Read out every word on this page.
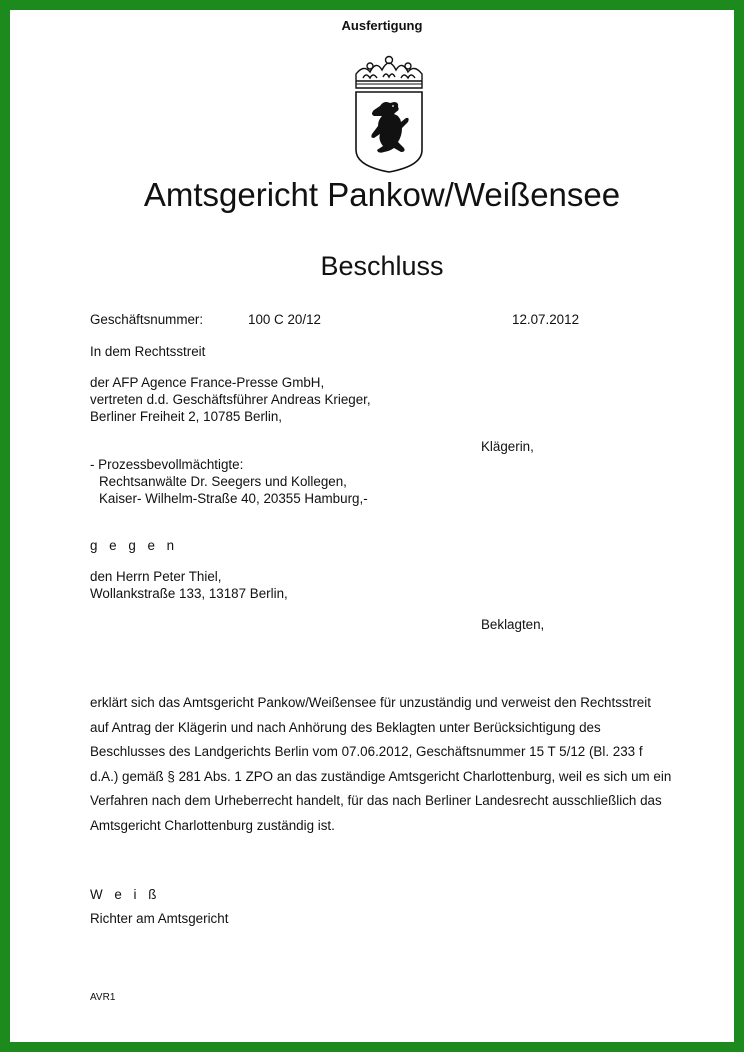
Ausfertigung
Amtsgericht Pankow/Weißensee
Beschluss
Geschäftsnummer:	100 C 20/12	12.07.2012
In dem Rechtsstreit
der AFP Agence France-Presse GmbH,
vertreten d.d. Geschäftsführer Andreas Krieger,
Berliner Freiheit 2, 10785 Berlin,
Klägerin,
- Prozessbevollmächtigte:
Rechtsanwälte Dr. Seegers und Kollegen,
Kaiser- Wilhelm-Straße 40, 20355 Hamburg,-
g e g e n
den Herrn Peter Thiel,
Wollankstraße 133, 13187 Berlin,
Beklagten,
erklärt sich das Amtsgericht Pankow/Weißensee für unzuständig und verweist den Rechtsstreit
auf Antrag der Klägerin und nach Anhörung des Beklagten unter Berücksichtigung des
Beschlusses des Landgerichts Berlin vom 07.06.2012, Geschäftsnummer 15 T 5/12 (Bl. 233 f
d.A.) gemäß § 281 Abs. 1 ZPO an das zuständige Amtsgericht Charlottenburg, weil es sich um ein
Verfahren nach dem Urheberrecht handelt, für das nach Berliner Landesrecht ausschließlich das
Amtsgericht Charlottenburg zuständig ist.
W e i ß
Richter am Amtsgericht
AVR1
